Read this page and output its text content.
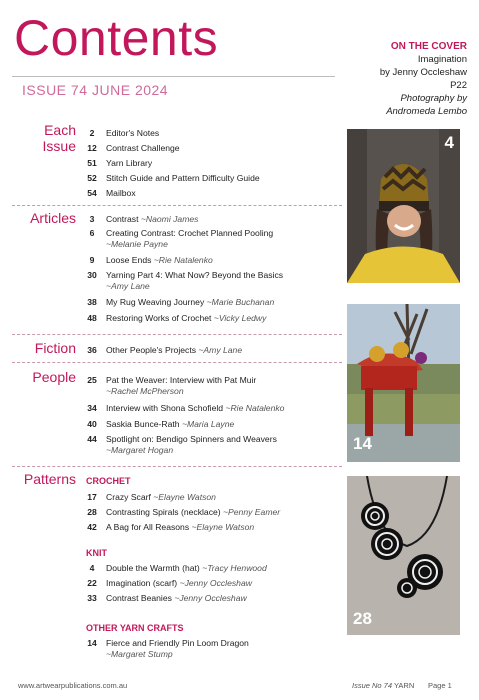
Contents
ISSUE 74 JUNE 2024
ON THE COVER
Imagination
by Jenny Occleshaw
P22
Photography by
Andromeda Lembo
Each Issue
2	Editor's Notes
12	Contrast Challenge
51	Yarn Library
52	Stitch Guide and Pattern Difficulty Guide
54	Mailbox
Articles	3	Contrast ~Naomi James
6	Creating Contrast: Crochet Planned Pooling
~Melanie Payne
9	Loose Ends ~Rie Natalenko
30	Yarning Part 4: What Now? Beyond the Basics
~Amy Lane
38	My Rug Weaving Journey ~Marie Buchanan
48	Restoring Works of Crochet ~Vicky Ledwy
Fiction	36	Other People's Projects ~Amy Lane
People	25	Pat the Weaver: Interview with Pat Muir
~Rachel McPherson
34	Interview with Shona Schofield ~Rie Natalenko
40	Saskia Bunce-Rath ~Maria Layne
44	Spotlight on: Bendigo Spinners and Weavers
~Margaret Hogan
Patterns CROCHET
17	Crazy Scarf ~Elayne Watson
28	Contrasting Spirals (necklace) ~Penny Eamer
42	A Bag for All Reasons ~Elayne Watson
KNIT
4	Double the Warmth (hat) ~Tracy Henwood
22	Imagination (scarf) ~Jenny Occleshaw
33	Contrast Beanies ~Jenny Occleshaw
OTHER YARN CRAFTS
14	Fierce and Friendly Pin Loom Dragon
~Margaret Stump
4
14
28
www.artwearpublications.com.au	Issue No 74 YARN Page 1
